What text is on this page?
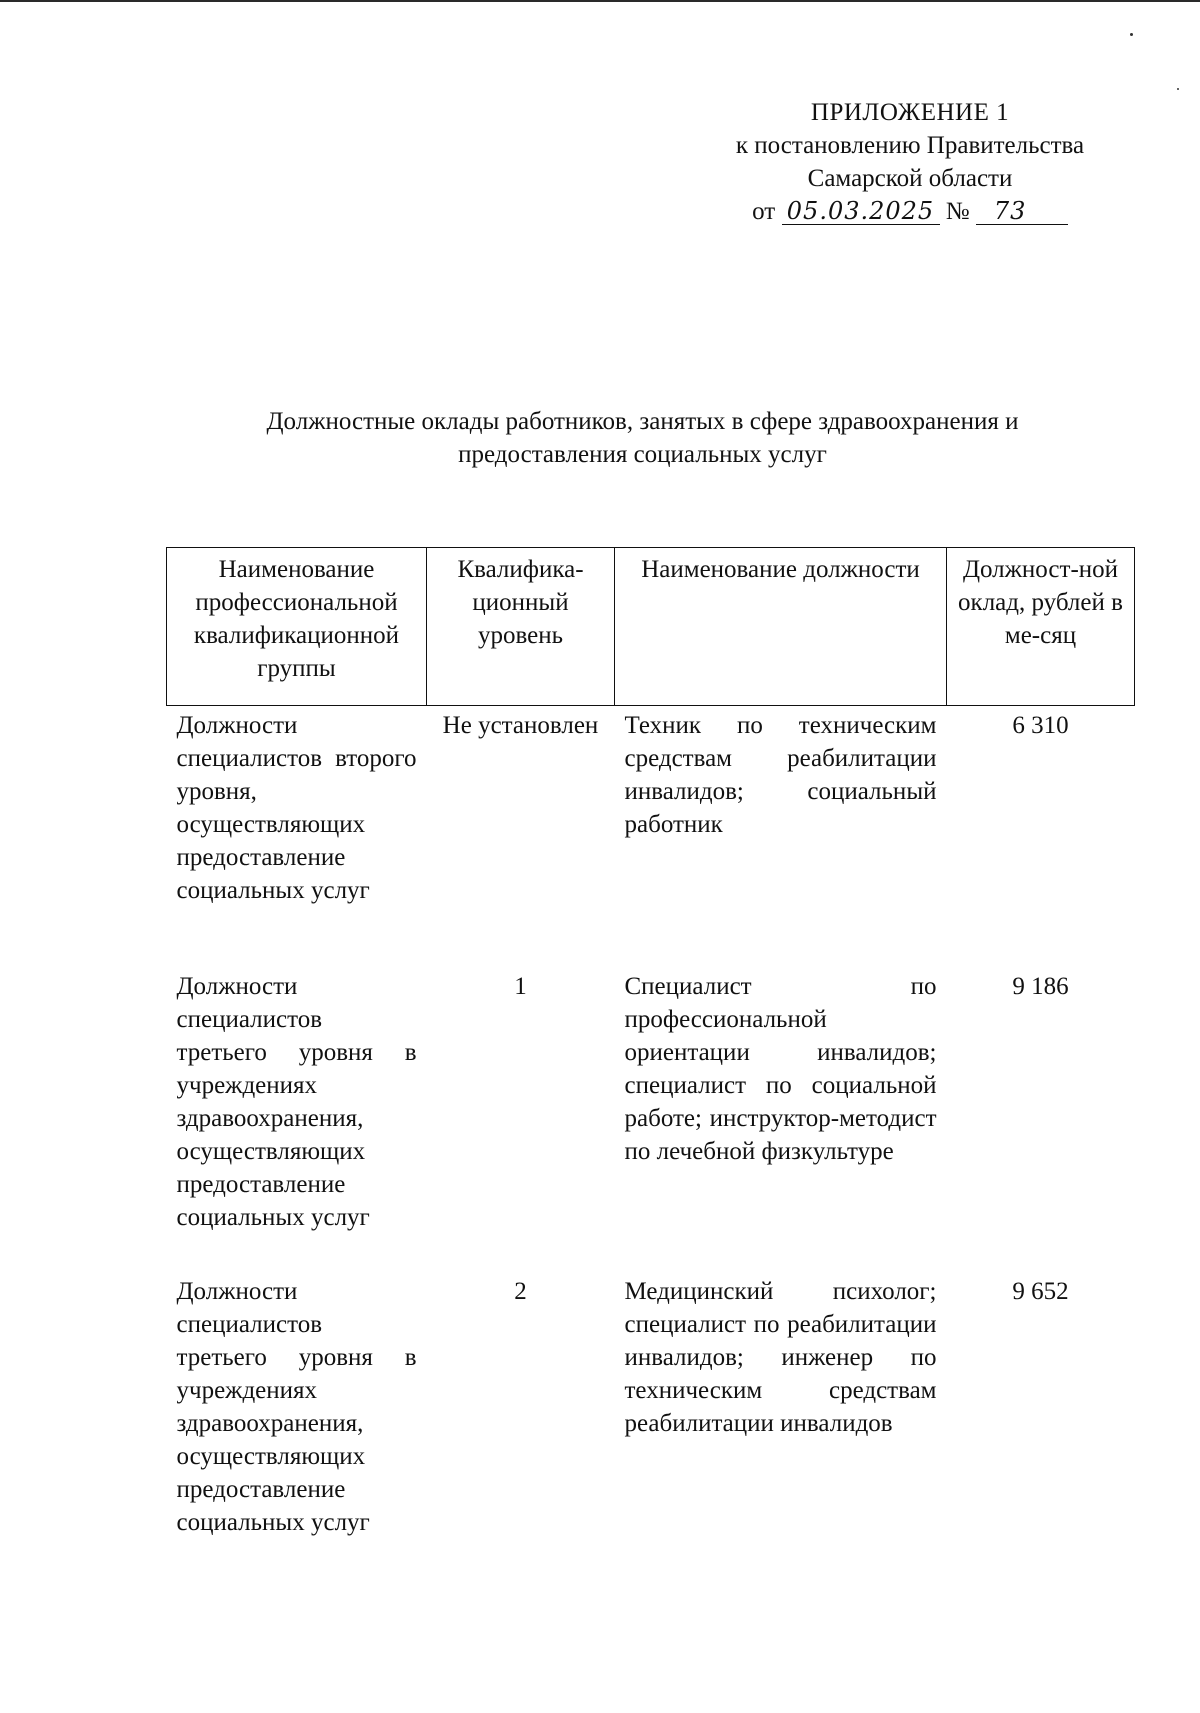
ПРИЛОЖЕНИЕ 1
к постановлению Правительства
Самарской области
от 05.03.2025 № 73
Должностные оклады работников, занятых в сфере здравоохранения и
предоставления социальных услуг
Наименование профессиональной квалификационной группы	Квалифика-ционный уровень	Наименование должности	Должност-ной оклад, рублей в ме-сяц
Должности специалистов второго уровня, осуществляющих предоставление социальных услуг	Не установлен	Техник по техническим средствам реабилитации инвалидов; социальный работник	6 310
Должности специалистов третьего уровня в учреждениях здравоохранения, осуществляющих предоставление социальных услуг	1	Специалист по профессиональной ориентации инвалидов; специалист по социальной работе; инструктор-методист по лечебной физкультуре	9 186
Должности специалистов третьего уровня в учреждениях здравоохранения, осуществляющих предоставление социальных услуг	2	Медицинский психолог; специалист по реабилитации инвалидов; инженер по техническим средствам реабилитации инвалидов	9 652
